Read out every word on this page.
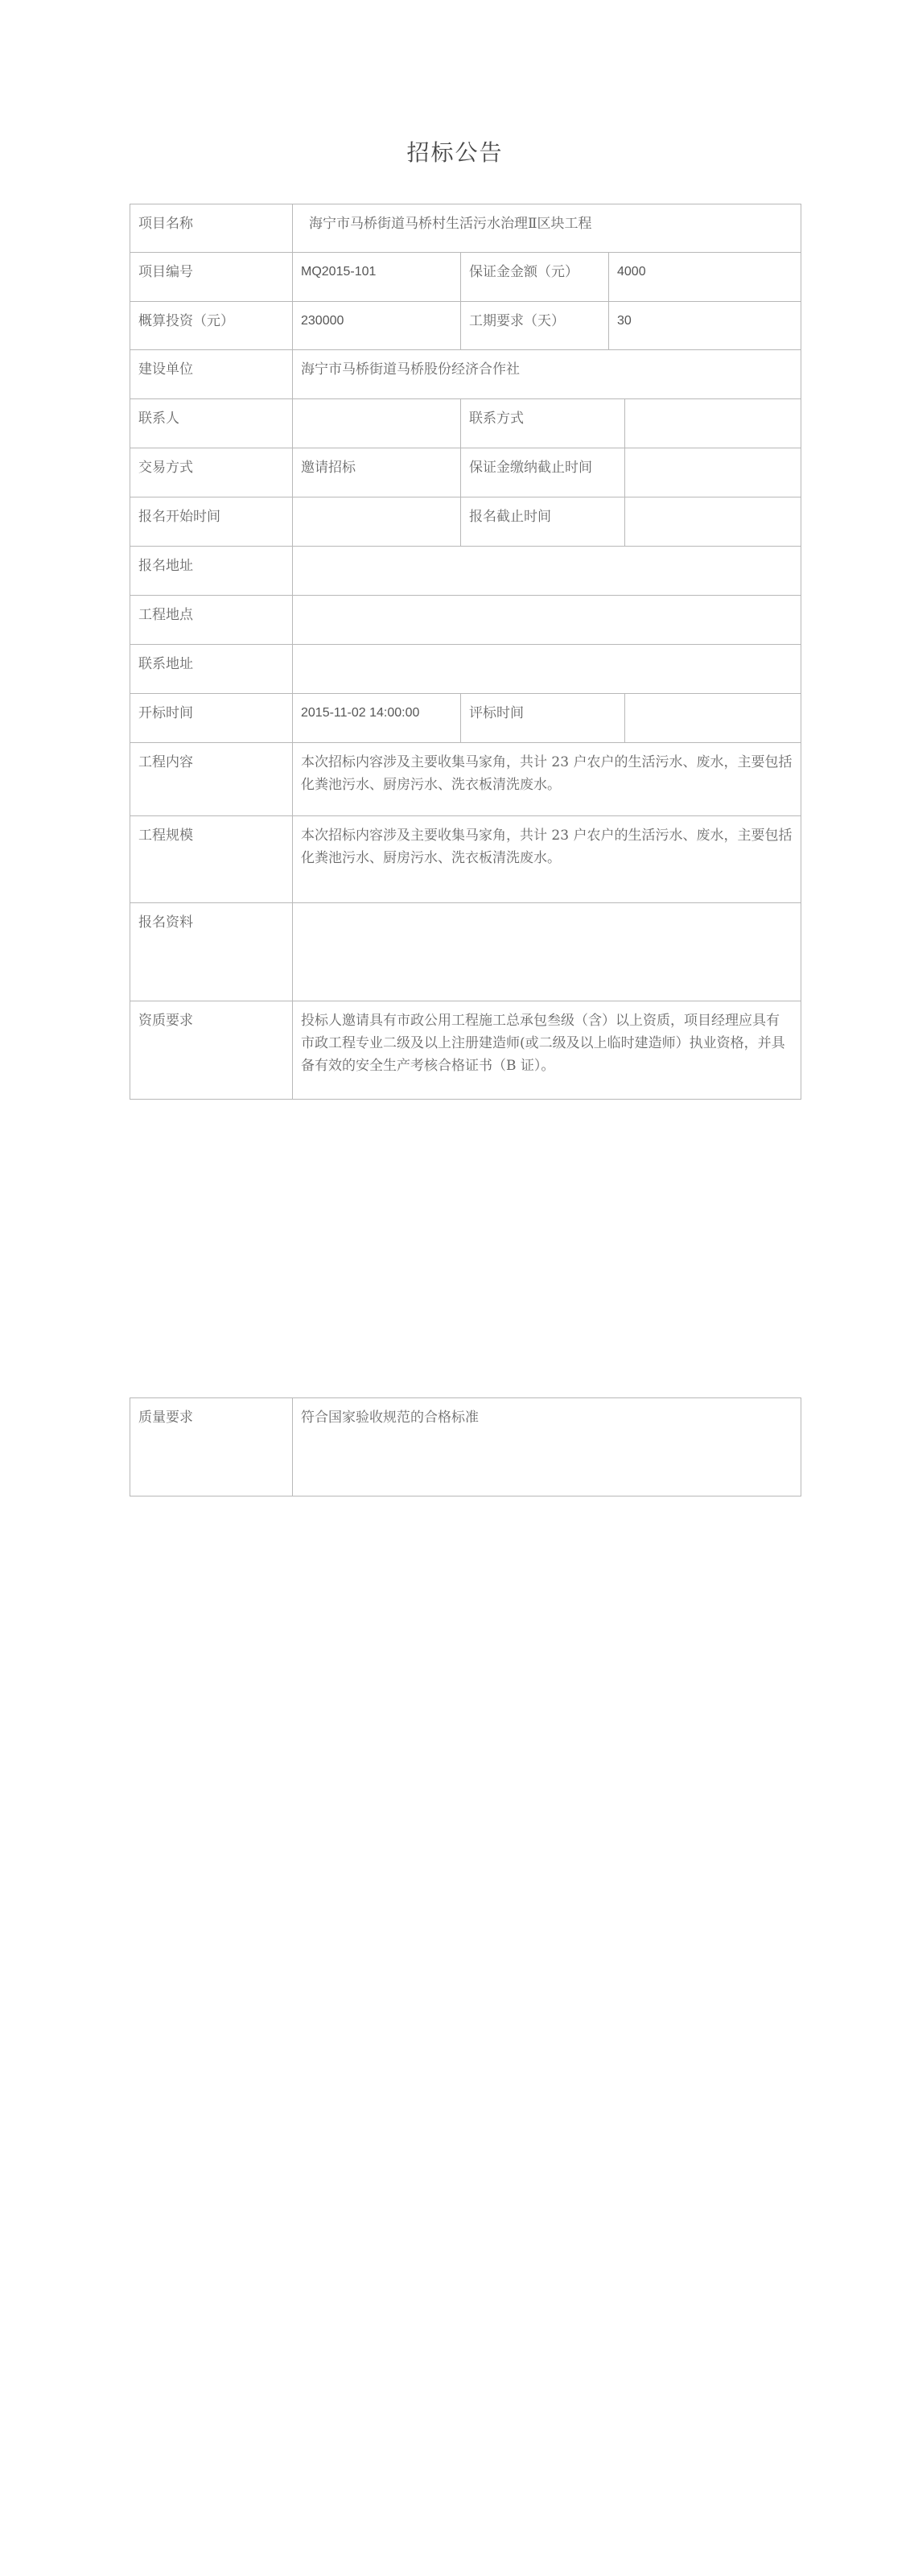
招标公告
项目名称	海宁市马桥街道马桥村生活污水治理Ⅱ区块工程			
项目编号	MQ2015-101	保证金金额（元）	4000	
概算投资（元）	230000	工期要求（天）	30	
建设单位	海宁市马桥街道马桥股份经济合作社			
联系人		联系方式		
交易方式	邀请招标	保证金缴纳截止时间		
报名开始时间		报名截止时间		
报名地址				
工程地点				
联系地址				
开标时间	2015-11-02 14:00:00	评标时间		
工程内容	本次招标内容涉及主要收集马家角，共计 23 户农户的生活污水、废水，主要包括化粪池污水、厨房污水、洗衣板清洗废水。			
工程规模	本次招标内容涉及主要收集马家角，共计 23 户农户的生活污水、废水，主要包括化粪池污水、厨房污水、洗衣板清洗废水。			
报名资料				
资质要求	投标人邀请具有市政公用工程施工总承包叁级（含）以上资质，项目经理应具有市政工程专业二级及以上注册建造师(或二级及以上临时建造师）执业资格，并具备有效的安全生产考核合格证书（B 证）。			
质量要求	符合国家验收规范的合格标准
